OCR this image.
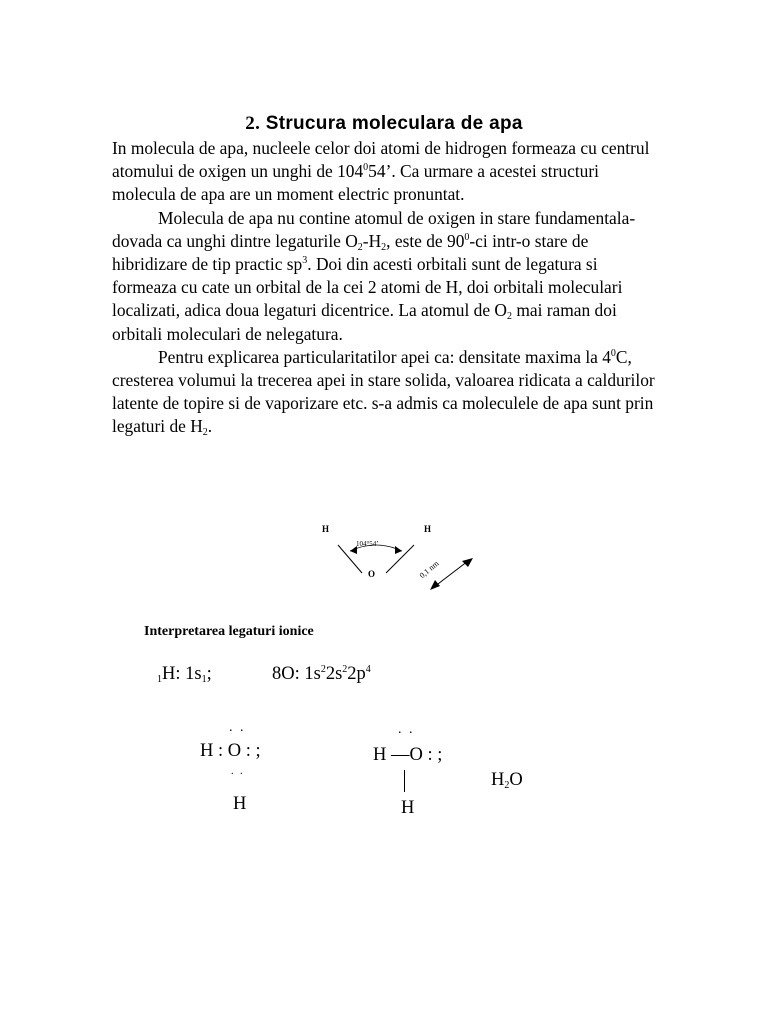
2. Strucura moleculara de apa

In molecula de apa, nucleele celor doi atomi de hidrogen formeaza cu centrul atomului de oxigen un unghi de $104^054$’. Ca urmare a acestei structuri molecula de apa are un moment electric pronuntat.

Molecula de apa nu contine atomul de oxigen in stare fundamentala-dovada ca unghi dintre legaturile $O_2-H_2$, este de $90^0-ci$ intr-o stare de hibridizare de tip practic $sp^3$. Doi din acesti orbitali sunt de legatura si formeaza cu cate un orbital de la cei 2 atomi de H, doi orbitali moleculari localizati, adica doua legaturi dicentrice. La atomul de $O_2$ mai raman doi orbitali moleculari de nelegatura.

Pentru explicarea particularitatilor apei ca: densitate maxima la $4^0C$, cresterea volumui la trecerea apei in stare solida, valoarea ridicata a caldurilor latente de topire si de vaporizare etc. s-a admis ca moleculele de apa sunt prin legaturi de $H_2$.

H	H
O
104°54’
0,1 nm
Interpretarea legaturi ionice
$_1$H: $1s_1$;	8O: $1s^22s^22p^4$
. .
H : O : ;
. .
H
. .
H —O : ;
H
$H_2O$
